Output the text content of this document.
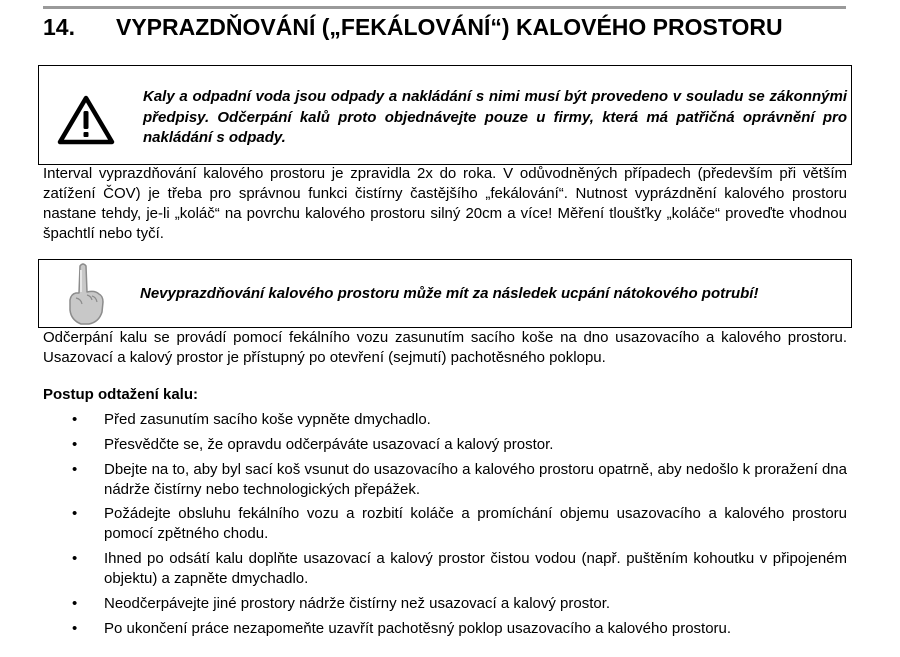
14. VYPRAZDŇOVÁNÍ („FEKÁLOVÁNÍ“) KALOVÉHO PROSTORU
Kaly a odpadní voda jsou odpady a nakládání s nimi musí být provedeno v souladu se zákonnými předpisy. Odčerpání kalů proto objednávejte pouze u firmy, která má patřičná oprávnění pro nakládání s odpady.
Interval vyprazdňování kalového prostoru je zpravidla 2x do roka. V odůvodněných případech (především při větším zatížení ČOV) je třeba pro správnou funkci čistírny častějšího „fekálování“. Nutnost vyprázdnění kalového prostoru nastane tehdy, je-li „koláč“ na povrchu kalového prostoru silný 20cm a více! Měření tloušťky „koláče“ proveďte vhodnou špachtlí nebo tyčí.
Nevyprazdňování kalového prostoru může mít za následek ucpání nátokového potrubí!
Odčerpání kalu se provádí pomocí fekálního vozu zasunutím sacího koše na dno usazovacího a kalového prostoru. Usazovací a kalový prostor je přístupný po otevření (sejmutí) pachotěsného poklopu.
Postup odtažení kalu:
• Před zasunutím sacího koše vypněte dmychadlo.
• Přesvědčte se, že opravdu odčerpáváte usazovací a kalový prostor.
• Dbejte na to, aby byl sací koš vsunut do usazovacího a kalového prostoru opatrně, aby nedošlo k proražení dna nádrže čistírny nebo technologických přepážek.
• Požádejte obsluhu fekálního vozu a rozbití koláče a promíchání objemu usazovacího a kalového prostoru pomocí zpětného chodu.
• Ihned po odsátí kalu doplňte usazovací a kalový prostor čistou vodou (např. puštěním kohoutku v připojeném objektu) a zapněte dmychadlo.
• Neodčerpávejte jiné prostory nádrže čistírny než usazovací a kalový prostor.
• Po ukončení práce nezapomeňte uzavřít pachotěsný poklop usazovacího a kalového prostoru.
